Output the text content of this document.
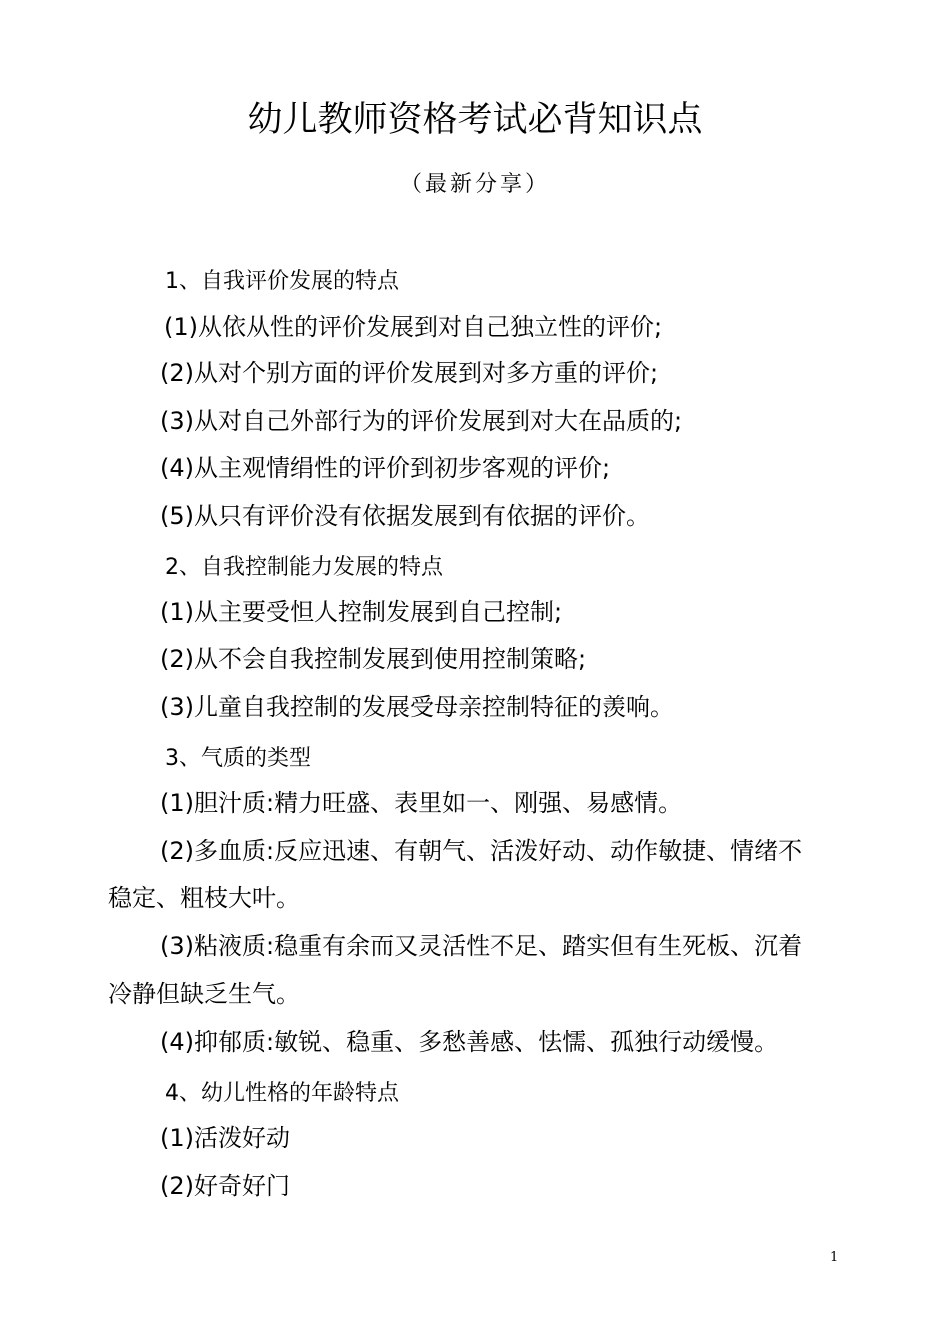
幼儿教师资格考试必背知识点
（最新分享）
1、自我评价发展的特点
(1)从依从性的评价发展到对自己独立性的评价;
(2)从对个别方面的评价发展到对多方重的评价;
(3)从对自己外部行为的评价发展到对大在品质的;
(4)从主观情绢性的评价到初步客观的评价;
(5)从只有评价没有依据发展到有依据的评价。
2、自我控制能力发展的特点
(1)从主要受怛人控制发展到自己控制;
(2)从不会自我控制发展到使用控制策略;
(3)儿童自我控制的发展受母亲控制特征的羡响。
3、气质的类型
(1)胆汁质:精力旺盛、表里如一、刚强、易感情。
(2)多血质:反应迅速、有朝气、活泼好动、动作敏捷、情绪不
稳定、粗枝大叶。
(3)粘液质:稳重有余而又灵活性不足、踏实但有生死板、沉着
冷静但缺乏生气。
(4)抑郁质:敏锐、稳重、多愁善感、怯懦、孤独行动缓慢。
4、幼儿性格的年龄特点
(1)活泼好动
(2)好奇好门
1
